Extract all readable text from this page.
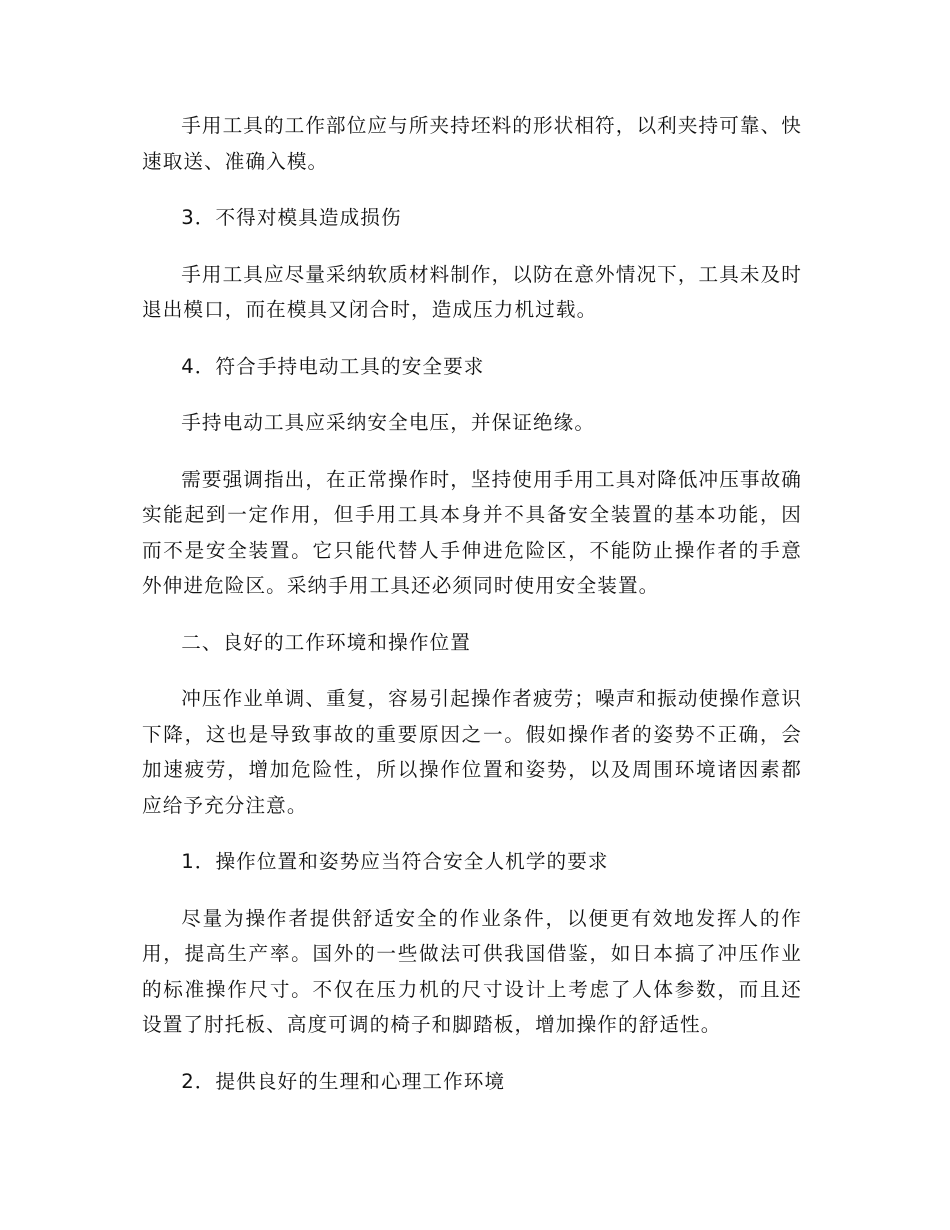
手用工具的工作部位应与所夹持坯料的形状相符，以利夹持可靠、快速取送、准确入模。

3．不得对模具造成损伤

手用工具应尽量采纳软质材料制作，以防在意外情况下，工具未及时退出模口，而在模具又闭合时，造成压力机过载。

4．符合手持电动工具的安全要求

手持电动工具应采纳安全电压，并保证绝缘。

需要强调指出，在正常操作时，坚持使用手用工具对降低冲压事故确实能起到一定作用，但手用工具本身并不具备安全装置的基本功能，因而不是安全装置。它只能代替人手伸进危险区，不能防止操作者的手意外伸进危险区。采纳手用工具还必须同时使用安全装置。

二、良好的工作环境和操作位置

冲压作业单调、重复，容易引起操作者疲劳；噪声和振动使操作意识下降，这也是导致事故的重要原因之一。假如操作者的姿势不正确，会加速疲劳，增加危险性，所以操作位置和姿势，以及周围环境诸因素都应给予充分注意。

1．操作位置和姿势应当符合安全人机学的要求

尽量为操作者提供舒适安全的作业条件，以便更有效地发挥人的作用，提高生产率。国外的一些做法可供我国借鉴，如日本搞了冲压作业的标准操作尺寸。不仅在压力机的尺寸设计上考虑了人体参数，而且还设置了肘托板、高度可调的椅子和脚踏板，增加操作的舒适性。

2．提供良好的生理和心理工作环境
